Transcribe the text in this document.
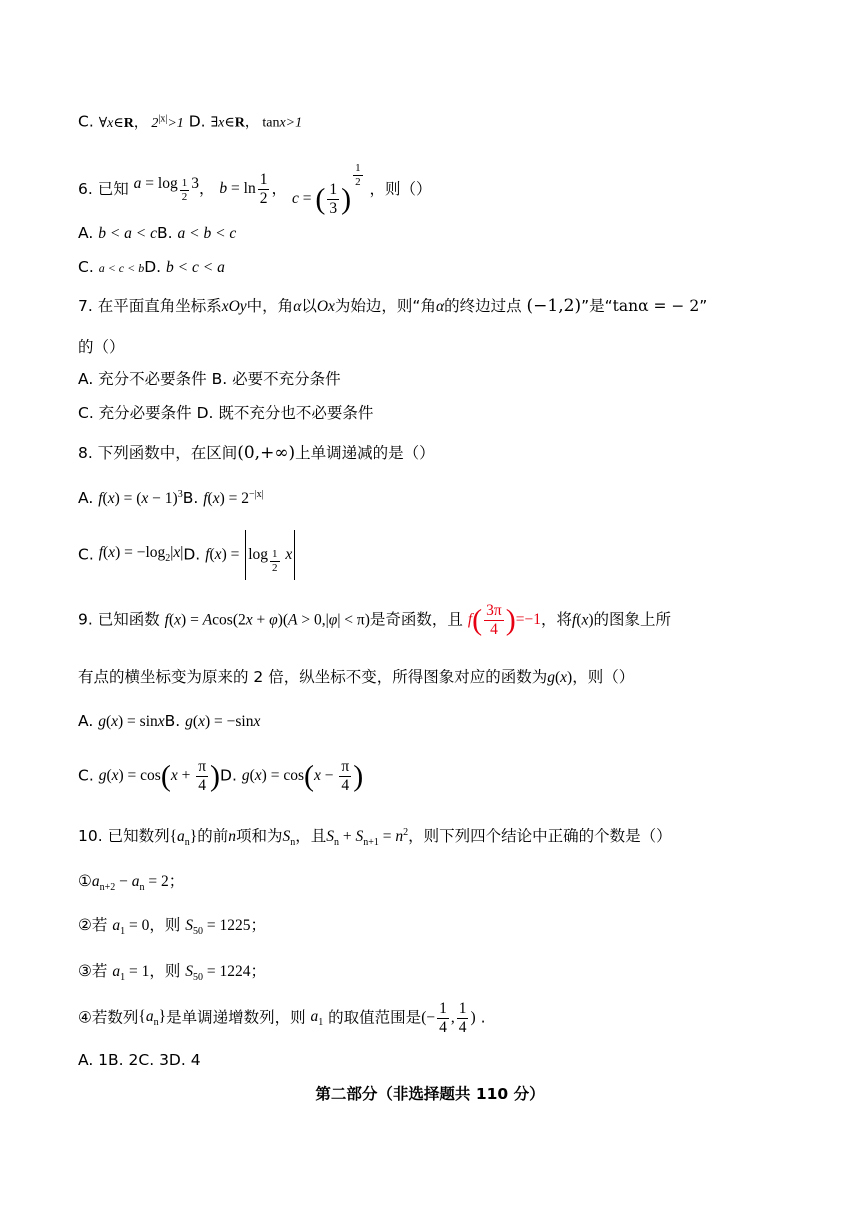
C. ∀x∈R， $2^{|x|}>1$ D. ∃x∈R， tanx>1
6. 已知 $a = \log \frac{1}{2} 3$， $b = \ln \frac{1}{2}$ ， c = ( $\frac{1}{3}$ )
$\frac{1}{2}$
，则（）
A. b < a < cB. a < b < c
C. a < c < bD. b < c < a
7. 在平面直角坐标系xOy中，角α以Ox为始边，则“角α的终边过点 (−1,2)”是“tanα = − 2”
的（）
A. 充分不必要条件 B. 必要不充分条件
C. 充分必要条件 D. 既不充分也不必要条件
8. 下列函数中，在区间(0,+∞)上单调递减的是（）
A. $f(x) = (x - 1)^3B$. $f(x) = 2^{-|x|}$
C. $f(x) = -\log_2|x|D$. $f(x) = \log \frac{1}{2}$ x
9. 已知函数 f(x) = Acos(2x + φ)(A > 0,|φ| < π)是奇函数，且 $f( \frac{3\pi}{4} )=-1$，将f(x)的图象上所
有点的横坐标变为原来的 2 倍，纵坐标不变，所得图象对应的函数为g(x)，则（）
A. g(x) = sinxB. g(x) = −sinx
C. $g(x) = \cos(x + \frac{\pi}{4} )D$. $g(x) = \cos(x - \frac{\pi}{4}$ )
10. 已知数列$\{a_n\}$的前n项和为$S_n$，且$S_n + S_{n+1} = n^2$，则下列四个结论中正确的个数是（）
$①a_{n+2} - a_n = 2$；
②若 $a_1 = 0$，则 $S_{50} = 1225$；
③若 $a_1 = 1$，则 $S_{50} = 1224$；
④若数列$\{a_n\}$是单调递增数列，则 $a_1$ 的取值范围是(− $\frac{1}{4}$ , $\frac{1}{4}$ ) .
A. 1B. 2C. 3D. 4
第二部分（非选择题共 110 分）
